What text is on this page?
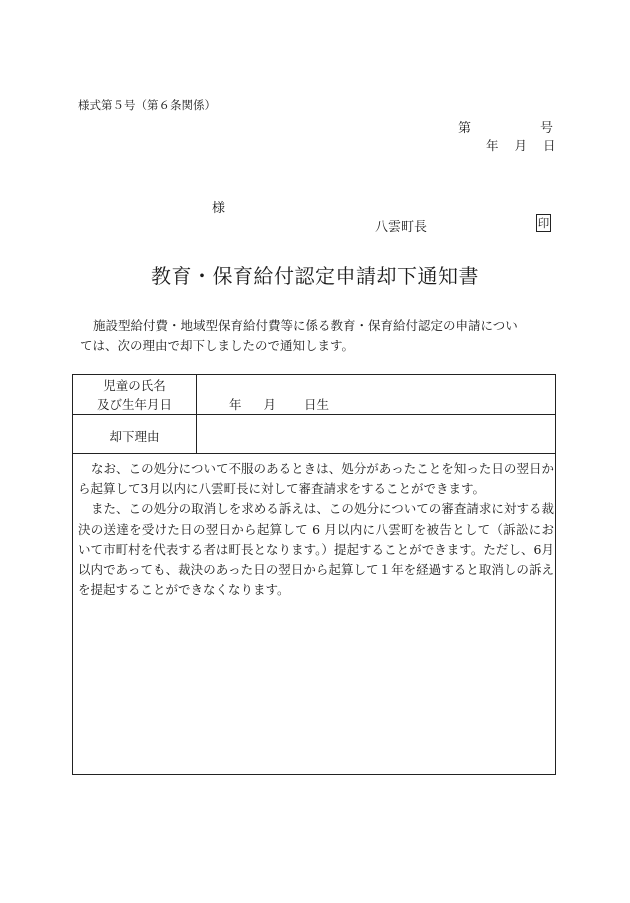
様式第５号（第６条関係）
第	号
年 月 日
様
八雲町長	印
教育・保育給付認定申請却下通知書

施設型給付費・地域型保育給付費等に係る教育・保育給付認定の申請につい

ては、次の理由で却下しましたので通知します。

児童の氏名
及び生年月日	年 月 日生
却下理由

なお、この処分について不服のあるときは、処分があったことを知った日の翌日から起算して3月以内に八雲町長に対して審査請求をすることができます。

また、この処分の取消しを求める訴えは、この処分についての審査請求に対する裁決の送達を受けた日の翌日から起算して 6 月以内に八雲町を被告として（訴訟において市町村を代表する者は町長となります。）提起することができます。ただし、6月以内であっても、裁決のあった日の翌日から起算して１年を経過すると取消しの訴えを提起することができなくなります。
